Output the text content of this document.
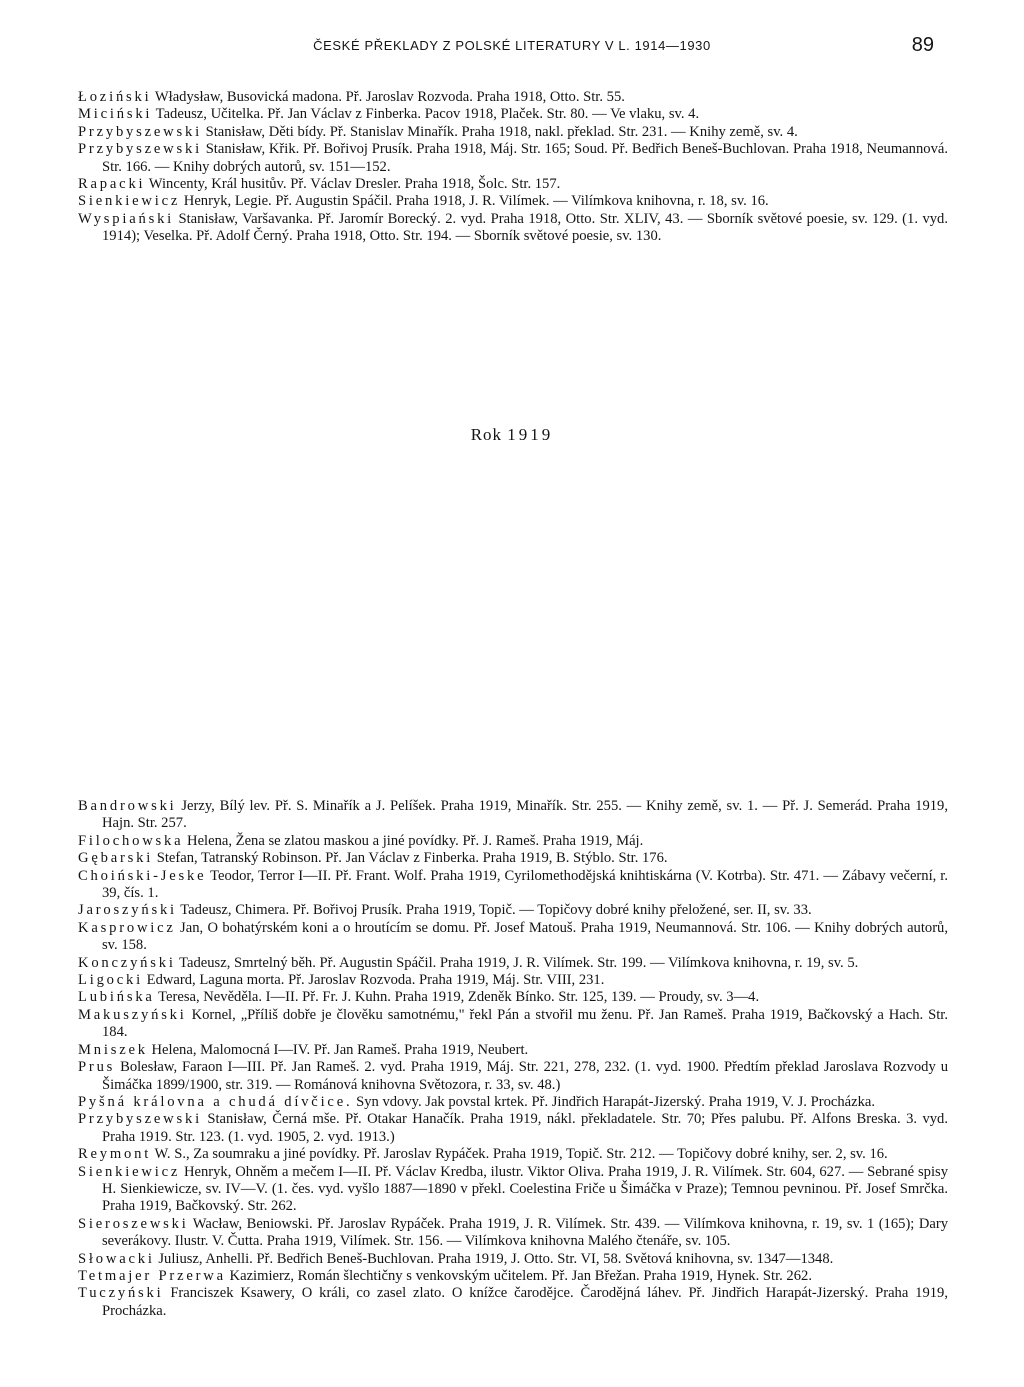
ČESKÉ PŘEKLADY Z POLSKÉ LITERATURY V L. 1914—1930	89
Łoziński Władysław, Busovická madona. Př. Jaroslav Rozvoda. Praha 1918, Otto. Str. 55.
Miciński Tadeusz, Učitelka. Př. Jan Václav z Finberka. Pacov 1918, Plaček. Str. 80. — Ve vlaku, sv. 4.
Przybyszewski Stanisław, Děti bídy. Př. Stanislav Minařík. Praha 1918, nakl. překlad. Str. 231. — Knihy země, sv. 4.
Przybyszewski Stanisław, Křik. Př. Bořivoj Prusík. Praha 1918, Máj. Str. 165; Soud. Př. Bedřich Beneš-Buchlovan. Praha 1918, Neumannová. Str. 166. — Knihy dobrých autorů, sv. 151—152.
Rapacki Wincenty, Král husitův. Př. Václav Dresler. Praha 1918, Šolc. Str. 157.
Sienkiewicz Henryk, Legie. Př. Augustin Spáčil. Praha 1918, J. R. Vilímek. — Vilímkova knihovna, r. 18, sv. 16.
Wyspiański Stanisław, Varšavanka. Př. Jaromír Borecký. 2. vyd. Praha 1918, Otto. Str. XLIV, 43. — Sborník světové poesie, sv. 129. (1. vyd. 1914); Veselka. Př. Adolf Černý. Praha 1918, Otto. Str. 194. — Sborník světové poesie, sv. 130.
Rok 1919
Bandrowski Jerzy, Bílý lev. Př. S. Minařík a J. Pelíšek. Praha 1919, Minařík. Str. 255. — Knihy země, sv. 1. — Př. J. Semerád. Praha 1919, Hajn. Str. 257.
Filochowska Helena, Žena se zlatou maskou a jiné povídky. Př. J. Rameš. Praha 1919, Máj.
Gębarski Stefan, Tatranský Robinson. Př. Jan Václav z Finberka. Praha 1919, B. Stýblo. Str. 176.
Choiński-Jeske Teodor, Terror I—II. Př. Frant. Wolf. Praha 1919, Cyrilomethodějská knihtiskárna (V. Kotrba). Str. 471. — Zábavy večerní, r. 39, čís. 1.
Jaroszyński Tadeusz, Chimera. Př. Bořivoj Prusík. Praha 1919, Topič. — Topičovy dobré knihy přeložené, ser. II, sv. 33.
Kasprowicz Jan, O bohatýrském koni a o hroutícím se domu. Př. Josef Matouš. Praha 1919, Neumannová. Str. 106. — Knihy dobrých autorů, sv. 158.
Konczyński Tadeusz, Smrtelný běh. Př. Augustin Spáčil. Praha 1919, J. R. Vilímek. Str. 199. — Vilímkova knihovna, r. 19, sv. 5.
Ligocki Edward, Laguna morta. Př. Jaroslav Rozvoda. Praha 1919, Máj. Str. VIII, 231.
Lubińska Teresa, Nevěděla. I—II. Př. Fr. J. Kuhn. Praha 1919, Zdeněk Bínko. Str. 125, 139. — Proudy, sv. 3—4.
Makuszyński Kornel, „Příliš dobře je člověku samotnému," řekl Pán a stvořil mu ženu. Př. Jan Rameš. Praha 1919, Bačkovský a Hach. Str. 184.
Mniszek Helena, Malomocná I—IV. Př. Jan Rameš. Praha 1919, Neubert.
Prus Bolesław, Faraon I—III. Př. Jan Rameš. 2. vyd. Praha 1919, Máj. Str. 221, 278, 232. (1. vyd. 1900. Předtím překlad Jaroslava Rozvody u Šimáčka 1899/1900, str. 319. — Románová knihovna Světozora, r. 33, sv. 48.)
Pyšná královna a chudá dívčice. Syn vdovy. Jak povstal krtek. Př. Jindřich Harapát-Jizerský. Praha 1919, V. J. Procházka.
Przybyszewski Stanisław, Černá mše. Př. Otakar Hanačík. Praha 1919, nákl. překladatele. Str. 70; Přes palubu. Př. Alfons Breska. 3. vyd. Praha 1919. Str. 123. (1. vyd. 1905, 2. vyd. 1913.)
Reymont W. S., Za soumraku a jiné povídky. Př. Jaroslav Rypáček. Praha 1919, Topič. Str. 212. — Topičovy dobré knihy, ser. 2, sv. 16.
Sienkiewicz Henryk, Ohněm a mečem I—II. Př. Václav Kredba, ilustr. Viktor Oliva. Praha 1919, J. R. Vilímek. Str. 604, 627. — Sebrané spisy H. Sienkiewicze, sv. IV—V. (1. čes. vyd. vyšlo 1887—1890 v překl. Coelestina Friče u Šimáčka v Praze); Temnou pevninou. Př. Josef Smrčka. Praha 1919, Bačkovský. Str. 262.
Sieroszewski Wacław, Beniowski. Př. Jaroslav Rypáček. Praha 1919, J. R. Vilímek. Str. 439. — Vilímkova knihovna, r. 19, sv. 1 (165); Dary severákovy. Ilustr. V. Čutta. Praha 1919, Vilímek. Str. 156. — Vilímkova knihovna Malého čtenáře, sv. 105.
Słowacki Juliusz, Anhelli. Př. Bedřich Beneš-Buchlovan. Praha 1919, J. Otto. Str. VI, 58. Světová knihovna, sv. 1347—1348.
Tetmajer Przerwa Kazimierz, Román šlechtičny s venkovským učitelem. Př. Jan Břežan. Praha 1919, Hynek. Str. 262.
Tuczyński Franciszek Ksawery, O králi, co zasel zlato. O knížce čarodějce. Čarodějná láhev. Př. Jindřich Harapát-Jizerský. Praha 1919, Procházka.
